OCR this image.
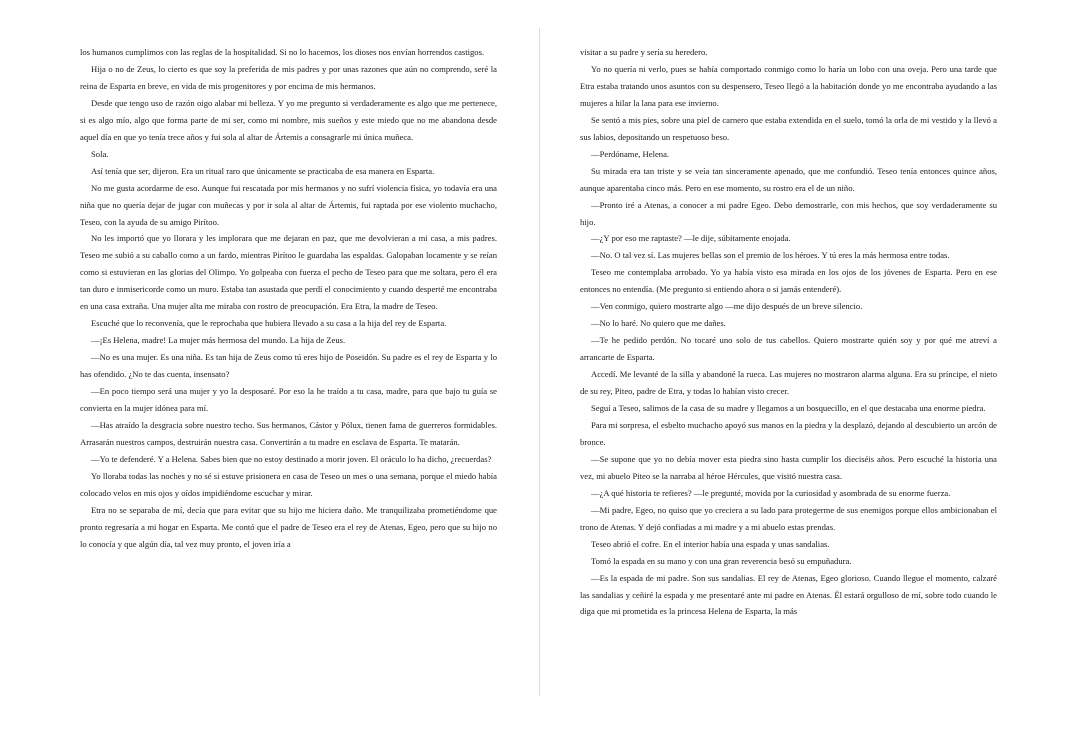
los humanos cumplimos con las reglas de la hospitalidad. Si no lo hacemos, los dioses nos envían horrendos castigos.

Hija o no de Zeus, lo cierto es que soy la preferida de mis padres y por unas razones que aún no comprendo, seré la reina de Esparta en breve, en vida de mis progenitores y por encima de mis hermanos.

Desde que tengo uso de razón oigo alabar mi belleza. Y yo me pregunto si verdaderamente es algo que me pertenece, si es algo mío, algo que forma parte de mi ser, como mi nombre, mis sueños y este miedo que no me abandona desde aquel día en que yo tenía trece años y fui sola al altar de Ártemis a consagrarle mi única muñeca.

Sola.

Así tenía que ser, dijeron. Era un ritual raro que únicamente se practicaba de esa manera en Esparta.

No me gusta acordarme de eso. Aunque fui rescatada por mis hermanos y no sufrí violencia física, yo todavía era una niña que no quería dejar de jugar con muñecas y por ir sola al altar de Ártemis, fui raptada por ese violento muchacho, Teseo, con la ayuda de su amigo Pirítoo.

No les importó que yo llorara y les implorara que me dejaran en paz, que me devolvieran a mi casa, a mis padres. Teseo me subió a su caballo como a un fardo, mientras Pirítoo le guardaba las espaldas. Galopaban locamente y se reían como si estuvieran en las glorias del Olimpo. Yo golpeaba con fuerza el pecho de Teseo para que me soltara, pero él era tan duro e inmisericorde como un muro. Estaba tan asustada que perdí el conocimiento y cuando desperté me encontraba en una casa extraña. Una mujer alta me miraba con rostro de preocupación. Era Etra, la madre de Teseo.

Escuché que lo reconvenía, que le reprochaba que hubiera llevado a su casa a la hija del rey de Esparta.

—¡Es Helena, madre! La mujer más hermosa del mundo. La hija de Zeus.

—No es una mujer. Es una niña. Es tan hija de Zeus como tú eres hijo de Poseidón. Su padre es el rey de Esparta y lo has ofendido. ¿No te das cuenta, insensato?

—En poco tiempo será una mujer y yo la desposaré. Por eso la he traído a tu casa, madre, para que bajo tu guía se convierta en la mujer idónea para mí.

—Has atraído la desgracia sobre nuestro techo. Sus hermanos, Cástor y Pólux, tienen fama de guerreros formidables. Arrasarán nuestros campos, destruirán nuestra casa. Convertirán a tu madre en esclava de Esparta. Te matarán.

—Yo te defenderé. Y a Helena. Sabes bien que no estoy destinado a morir joven. El oráculo lo ha dicho, ¿recuerdas?

Yo lloraba todas las noches y no sé si estuve prisionera en casa de Teseo un mes o una semana, porque el miedo había colocado velos en mis ojos y oídos impidiéndome escuchar y mirar.

Etra no se separaba de mí, decía que para evitar que su hijo me hiciera daño. Me tranquilizaba prometiéndome que pronto regresaría a mi hogar en Esparta. Me contó que el padre de Teseo era el rey de Atenas, Egeo, pero que su hijo no lo conocía y que algún día, tal vez muy pronto, el joven iría a

visitar a su padre y sería su heredero.

Yo no quería ni verlo, pues se había comportado conmigo como lo haría un lobo con una oveja. Pero una tarde que Etra estaba tratando unos asuntos con su despensero, Teseo llegó a la habitación donde yo me encontraba ayudando a las mujeres a hilar la lana para ese invierno.

Se sentó a mis pies, sobre una piel de carnero que estaba extendida en el suelo, tomó la orla de mi vestido y la llevó a sus labios, depositando un respetuoso beso.

—Perdóname, Helena.

Su mirada era tan triste y se veía tan sinceramente apenado, que me confundió. Teseo tenía entonces quince años, aunque aparentaba cinco más. Pero en ese momento, su rostro era el de un niño.

—Pronto iré a Atenas, a conocer a mi padre Egeo. Debo demostrarle, con mis hechos, que soy verdaderamente su hijo.

—¿Y por eso me raptaste? —le dije, súbitamente enojada.

—No. O tal vez sí. Las mujeres bellas son el premio de los héroes. Y tú eres la más hermosa entre todas.

Teseo me contemplaba arrobado. Yo ya había visto esa mirada en los ojos de los jóvenes de Esparta. Pero en ese entonces no entendía. (Me pregunto si entiendo ahora o si jamás entenderé).

—Ven conmigo, quiero mostrarte algo —me dijo después de un breve silencio.

—No lo haré. No quiero que me dañes.

—Te he pedido perdón. No tocaré uno solo de tus cabellos. Quiero mostrarte quién soy y por qué me atreví a arrancarte de Esparta.

Accedí. Me levanté de la silla y abandoné la rueca. Las mujeres no mostraron alarma alguna. Era su príncipe, el nieto de su rey, Piteo, padre de Etra, y todas lo habían visto crecer.

Seguí a Teseo, salimos de la casa de su madre y llegamos a un bosquecillo, en el que destacaba una enorme piedra.

Para mi sorpresa, el esbelto muchacho apoyó sus manos en la piedra y la desplazó, dejando al descubierto un arcón de bronce.

—Se supone que yo no debía mover esta piedra sino hasta cumplir los dieciséis años. Pero escuché la historia una vez, mi abuelo Piteo se la narraba al héroe Hércules, que visitó nuestra casa.

—¿A qué historia te refieres? —le pregunté, movida por la curiosidad y asombrada de su enorme fuerza.

—Mi padre, Egeo, no quiso que yo creciera a su lado para protegerme de sus enemigos porque ellos ambicionaban el trono de Atenas. Y dejó confiadas a mi madre y a mi abuelo estas prendas.

Teseo abrió el cofre. En el interior había una espada y unas sandalias.

Tomó la espada en su mano y con una gran reverencia besó su empuñadura.

—Es la espada de mi padre. Son sus sandalias. El rey de Atenas, Egeo glorioso. Cuando llegue el momento, calzaré las sandalias y ceñiré la espada y me presentaré ante mi padre en Atenas. Él estará orgulloso de mí, sobre todo cuando le diga que mi prometida es la princesa Helena de Esparta, la más
